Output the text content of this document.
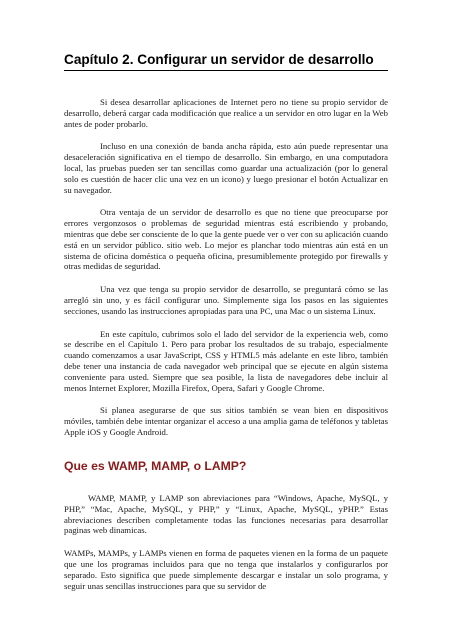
Capítulo 2. Configurar un servidor de desarrollo

Si desea desarrollar aplicaciones de Internet pero no tiene su propio servidor de desarrollo, deberá cargar cada modificación que realice a un servidor en otro lugar en la Web antes de poder probarlo.

Incluso en una conexión de banda ancha rápida, esto aún puede representar una desaceleración significativa en el tiempo de desarrollo. Sin embargo, en una computadora local, las pruebas pueden ser tan sencillas como guardar una actualización (por lo general solo es cuestión de hacer clic una vez en un icono) y luego presionar el botón Actualizar en su navegador.

Otra ventaja de un servidor de desarrollo es que no tiene que preocuparse por errores vergonzosos o problemas de seguridad mientras está escribiendo y probando, mientras que debe ser consciente de lo que la gente puede ver o ver con su aplicación cuando está en un servidor público. sitio web. Lo mejor es planchar todo mientras aún está en un sistema de oficina doméstica o pequeña oficina, presumiblemente protegido por firewalls y otras medidas de seguridad.

Una vez que tenga su propio servidor de desarrollo, se preguntará cómo se las arregló sin uno, y es fácil configurar uno. Simplemente siga los pasos en las siguientes secciones, usando las instrucciones apropiadas para una PC, una Mac o un sistema Linux.

En este capítulo, cubrimos solo el lado del servidor de la experiencia web, como se describe en el Capítulo 1. Pero para probar los resultados de su trabajo, especialmente cuando comenzamos a usar JavaScript, CSS y HTML5 más adelante en este libro, también debe tener una instancia de cada navegador web principal que se ejecute en algún sistema conveniente para usted. Siempre que sea posible, la lista de navegadores debe incluir al menos Internet Explorer, Mozilla Firefox, Opera, Safari y Google Chrome.

Si planea asegurarse de que sus sitios también se vean bien en dispositivos móviles, también debe intentar organizar el acceso a una amplia gama de teléfonos y tabletas Apple iOS y Google Android.

Que es WAMP, MAMP, o LAMP?

WAMP, MAMP, y LAMP son abreviaciones para “Windows, Apache, MySQL, y PHP,” “Mac, Apache, MySQL, y PHP,” y “Linux, Apache, MySQL, yPHP.” Estas abreviaciones describen completamente todas las funciones necesarias para desarrollar paginas web dinamicas.

WAMPs, MAMPs, y LAMPs vienen en forma de paquetes vienen en la forma de un paquete que une los programas incluidos para que no tenga que instalarlos y configurarlos por separado. Esto significa que puede simplemente descargar e instalar un solo programa, y seguir unas sencillas instrucciones para que su servidor de
